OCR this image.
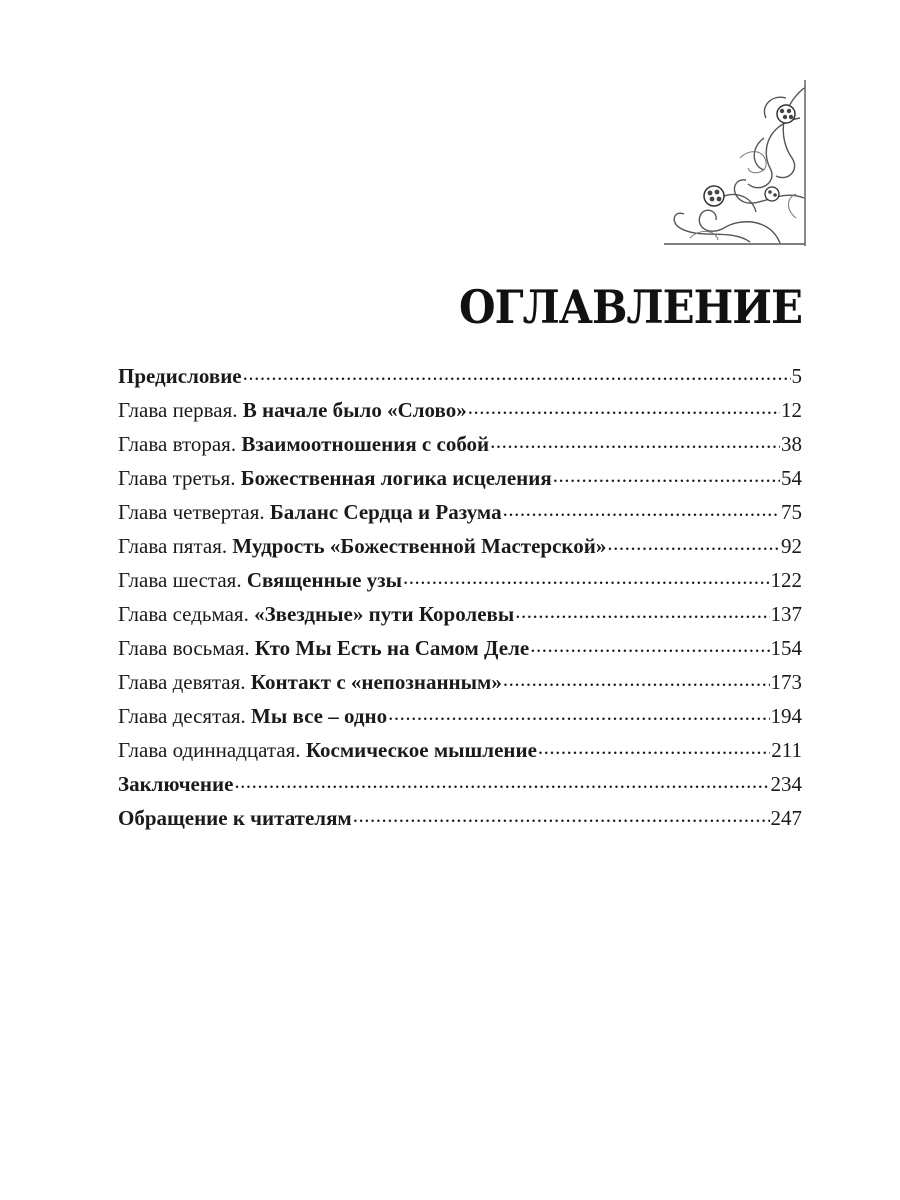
ОГЛАВЛЕНИЕ
Предисловие .....	5
Глава первая. В начале было «Слово» .....	12
Глава вторая. Взаимоотношения с собой .....	38
Глава третья. Божественная логика исцеления .....	54
Глава четвертая. Баланс Сердца и Разума .....	75
Глава пятая. Мудрость «Божественной Мастерской» .....	92
Глава шестая. Священные узы .....	122
Глава седьмая. «Звездные» пути Королевы .....	137
Глава восьмая. Кто Мы Есть на Самом Деле .....	154
Глава девятая. Контакт с «непознанным» .....	173
Глава десятая. Мы все – одно .....	194
Глава одиннадцатая. Космическое мышление .....	211
Заключение .....	234
Обращение к читателям .....	247
